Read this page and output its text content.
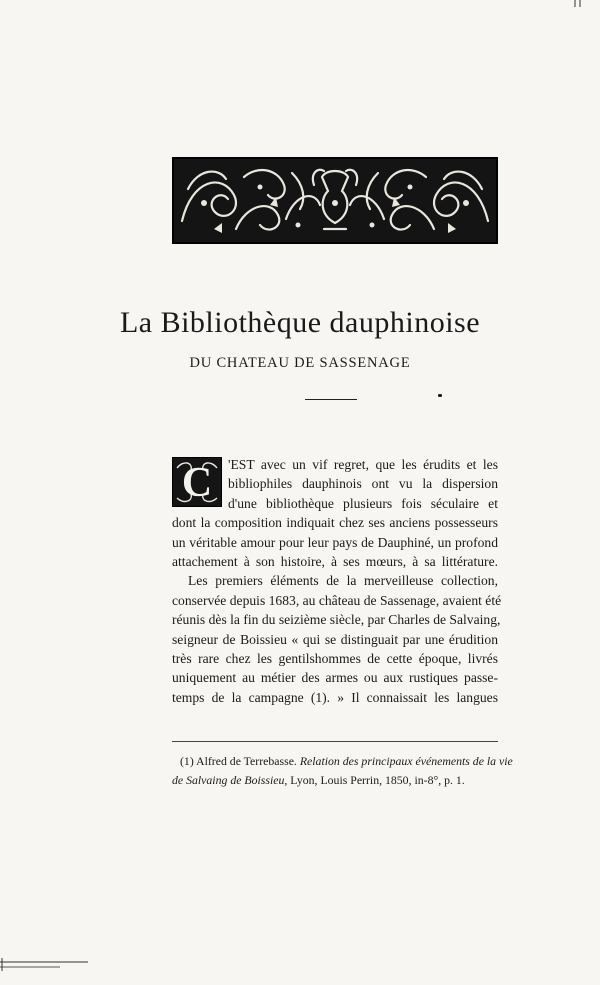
La Bibliothèque dauphinoise
DU CHATEAU DE SASSENAGE
C	'EST avec un vif regret, que les érudits et les
bibliophiles dauphinois ont vu la dispersion
d'une bibliothèque plusieurs fois séculaire et
dont la composition indiquait chez ses anciens possesseurs
un véritable amour pour leur pays de Dauphiné, un profond
attachement à son histoire, à ses mœurs, à sa littérature.
Les premiers éléments de la merveilleuse collection,
conservée depuis 1683, au château de Sassenage, avaient été
réunis dès la fin du seizième siècle, par Charles de Salvaing,
seigneur de Boissieu « qui se distinguait par une érudition
très rare chez les gentilshommes de cette époque, livrés
uniquement au métier des armes ou aux rustiques passe-
temps de la campagne (1). » Il connaissait les langues
(1) Alfred de Terrebasse. Relation des principaux événements de la vie
de Salvaing de Boissieu, Lyon, Louis Perrin, 1850, in-8°, p. 1.
